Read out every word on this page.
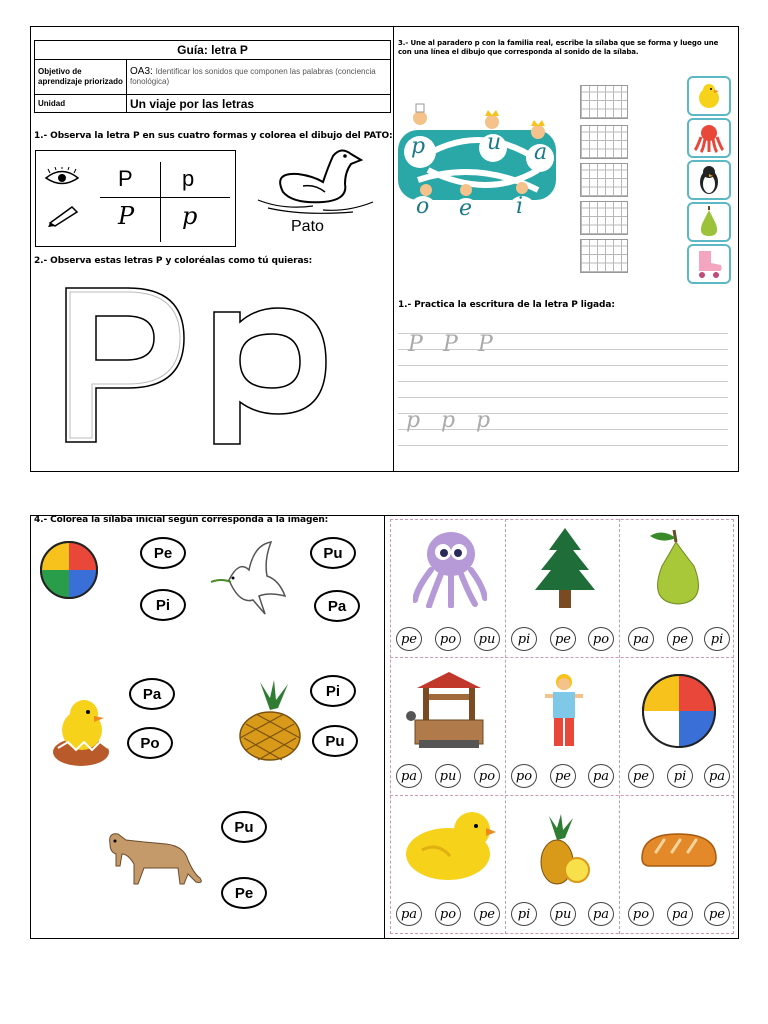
Guía: letra P	
Objetivo de aprendizaje priorizado	OA3: Identificar los sonidos que componen las palabras (conciencia fonológica)
Unidad	Un viaje por las letras
1.- Observa la letra P en sus cuatro formas y colorea el dibujo del PATO:
P p
P p	Pato
2.- Observa estas letras P y coloréalas como tú quieras:
3.- Une al paradero p con la familia real, escribe la sílaba que se forma y luego une con una línea el dibujo que corresponda al sonido de la sílaba.
p	u a
o e i
1.- Practica la escritura de la letra P ligada:
P P P
p p p
4.- Colorea la sílaba inicial según corresponda a la imagen:
Pe
Pi
Pu
Pa
Pa
Po
Pi
Pu
Pu
Pe
pe	po	pu	pi	pe	po	pa	pe	pi
pa	pu	po	po	pe	pa	pe	pi	pa
pa	po	pe	pi	pu	pa	po	pa	pe
